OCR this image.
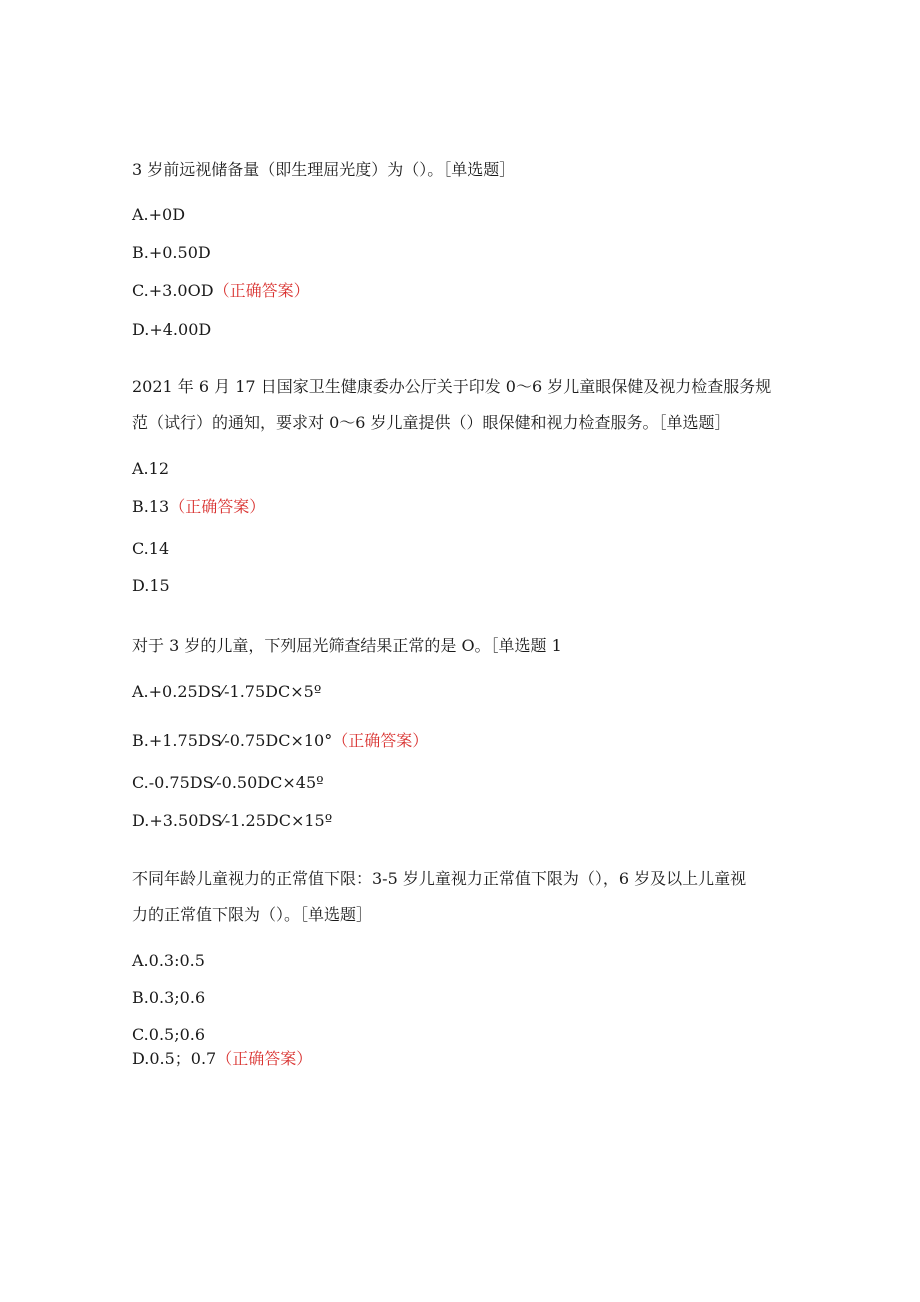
3 岁前远视储备量（即生理屈光度）为（）。［单选题］
A.+0D
B.+0.50D
C.+3.0OD（正确答案）
D.+4.00D
2021 年 6 月 17 日国家卫生健康委办公厅关于印发 0～6 岁儿童眼保健及视力检查服务规
范（试行）的通知，要求对 0～6 岁儿童提供（）眼保健和视力检查服务。［单选题］
A.12
B.13（正确答案）
C.14
D.15
对于 3 岁的儿童，下列屈光筛查结果正常的是 O。［单选题 1
A.+0.25DS⁄-1.75DC×5º
B.+1.75DS⁄-0.75DC×10°（正确答案）
C.-0.75DS⁄-0.50DC×45º
D.+3.50DS⁄-1.25DC×15º
不同年龄儿童视力的正常值下限：3-5 岁儿童视力正常值下限为（），6 岁及以上儿童视
力的正常值下限为（）。［单选题］
A.0.3:0.5
B.0.3;0.6
C.0.5;0.6
D.0.5；0.7（正确答案）
